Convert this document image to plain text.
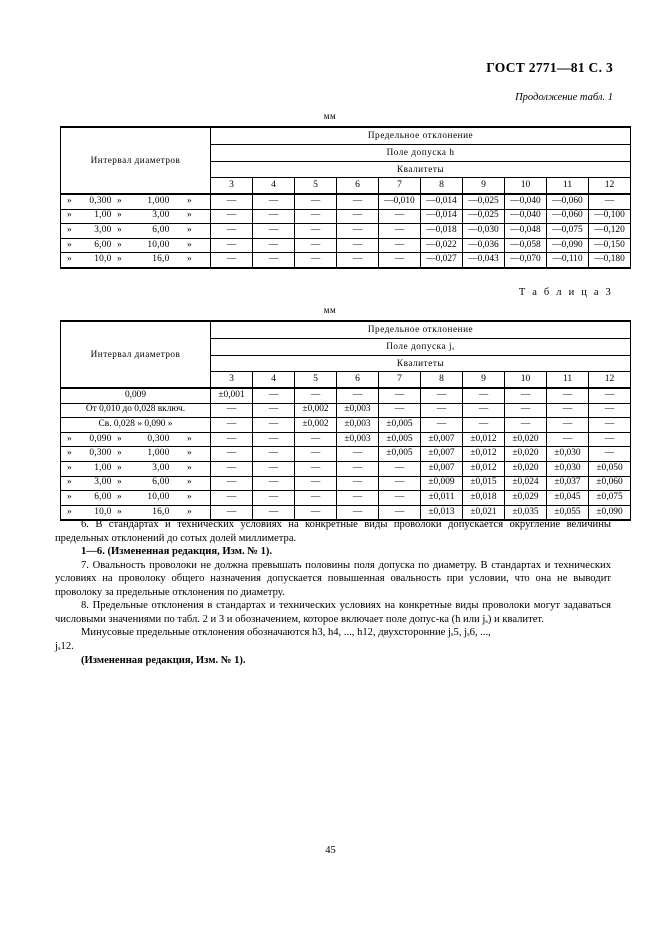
ГОСТ 2771—81 С. 3
Продолжение табл. 1
мм
Интервал диаметров	Предельное отклонение									
	Поле допуска h									
	Квалитеты									
	3	4	5	6	7	8	9	10	11	12
» 0,300 » 1,000 »	—	—	—	—	—0,010	—0,014	—0,025	—0,040	—0,060	—
» 1,00 » 3,00 »	—	—	—	—	—	—0,014	—0,025	—0,040	—0,060	—0,100
» 3,00 » 6,00 »	—	—	—	—	—	—0,018	—0,030	—0,048	—0,075	—0,120
» 6,00 » 10,00 »	—	—	—	—	—	—0,022	—0,036	—0,058	—0,090	—0,150
» 10,0 » 16,0 »	—	—	—	—	—	—0,027	—0,043	—0,070	—0,110	—0,180
Т а б л и ц а 3
мм
Интервал диаметров	Предельное отклонение									
	Поле допуска $j_s$
	Квалитеты									
	3	4	5	6	7	8	9	10	11	12
0,009	±0,001	—	—	—	—	—	—	—	—	—
От 0,010 до 0,028 включ.	—	—	±0,002	±0,003	—	—	—	—	—	—
Св. 0,028 » 0,090 »	—	—	±0,002	±0,003	±0,005	—	—	—	—	—
» 0,090 » 0,300 »	—	—	—	±0,003	±0,005	±0,007	±0,012	±0,020	—	—
» 0,300 » 1,000 »	—	—	—	—	±0,005	±0,007	±0,012	±0,020	±0,030	—
» 1,00 » 3,00 »	—	—	—	—	—	±0,007	±0,012	±0,020	±0,030	±0,050
» 3,00 » 6,00 »	—	—	—	—	—	±0,009	±0,015	±0,024	±0,037	±0,060
» 6,00 » 10,00 »	—	—	—	—	—	±0,011	±0,018	±0,029	±0,045	±0,075
» 10,0 » 16,0 »	—	—	—	—	—	±0,013	±0,021	±0,035	±0,055	±0,090

6. В стандартах и технических условиях на конкретные виды проволоки допускается округление величины предельных отклонений до сотых долей миллиметра.

1—6. (Измененная редакция, Изм. № 1).

7. Овальность проволоки не должна превышать половины поля допуска по диаметру. В стандартах и технических условиях на проволоку общего назначения допускается повышенная овальность при условии, что она не выводит проволоку за предельные отклонения по диаметру.

8. Предельные отклонения в стандартах и технических условиях на конкретные виды проволоки могут задаваться числовыми значениями по табл. 2 и 3 и обозначением, которое включает поле допус-ка (h или $j_s$) и квалитет.

Минусовые предельные отклонения обозначаются h3, h4, ..., h12, двухсторонние $j_s5$, $j_s6$, ...,
$j_s12$.

(Измененная редакция, Изм. № 1).

45
